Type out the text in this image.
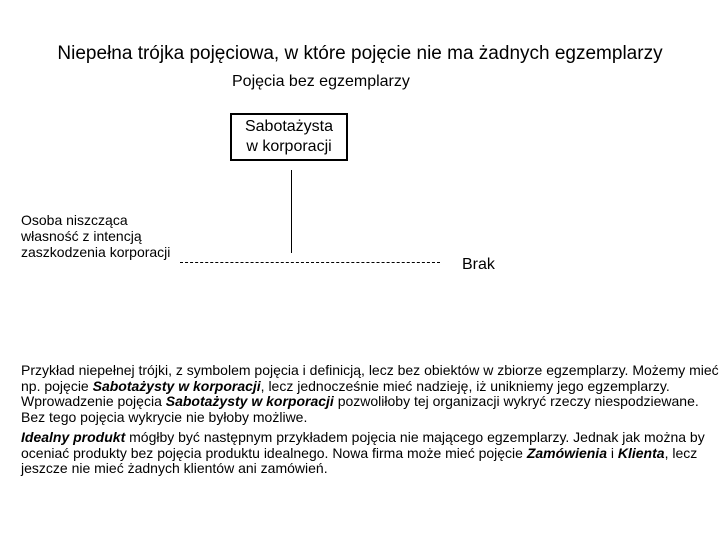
Niepełna trójka pojęciowa, w które pojęcie nie ma żadnych egzemplarzy
Pojęcia bez egzemplarzy
Sabotażysta
w korporacji
Osoba niszcząca własność z intencją zaszkodzenia korporacji
Brak

Przykład niepełnej trójki, z symbolem pojęcia i definicją, lecz bez obiektów w zbiorze egzemplarzy. Możemy mieć np. pojęcie Sabotażysty w korporacji, lecz jednocześnie mieć nadzieję, iż unikniemy jego egzemplarzy. Wprowadzenie pojęcia Sabotażysty w korporacji pozwoliłoby tej organizacji wykryć rzeczy niespodziewane. Bez tego pojęcia wykrycie nie byłoby możliwe.

Idealny produkt mógłby być następnym przykładem pojęcia nie mającego egzemplarzy. Jednak jak można by oceniać produkty bez pojęcia produktu idealnego. Nowa firma może mieć pojęcie Zamówienia i Klienta, lecz jeszcze nie mieć żadnych klientów ani zamówień.
